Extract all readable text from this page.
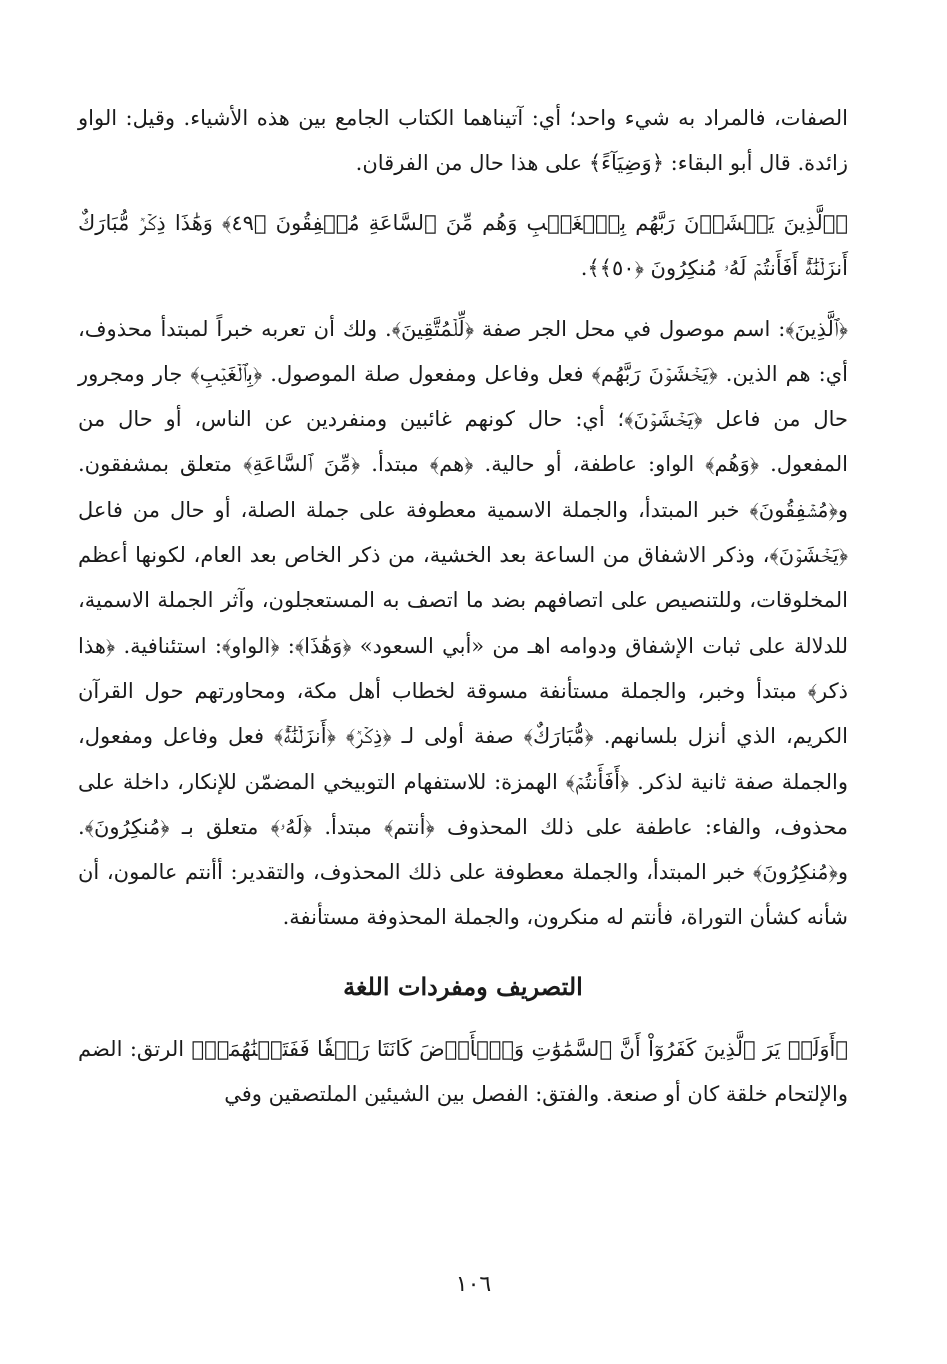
الصفات، فالمراد به شيء واحد؛ أي: آتيناهما الكتاب الجامع بين هذه الأشياء. وقيل: الواو زائدة. قال أبو البقاء: ﴿وَضِيَآءً﴾ على هذا حال من الفرقان.

﴿ٱلَّذِينَ يَخۡشَوۡنَ رَبَّهُم بِٱلۡغَيۡبِ وَهُم مِّنَ ٱلسَّاعَةِ مُشۡفِقُونَ ﴿٤٩﴾ وَهَٰذَا ذِكۡرٞ مُّبَارَكٌ أَنزَلۡنَٰهُۚ أَفَأَنتُمۡ لَهُۥ مُنكِرُونَ ﴿٥٠﴾﴾.

﴿ٱلَّذِينَ﴾: اسم موصول في محل الجر صفة ﴿لِّلۡمُتَّقِينَ﴾. ولك أن تعربه خبراً لمبتدأ محذوف، أي: هم الذين. ﴿يَخۡشَوۡنَ رَبَّهُم﴾ فعل وفاعل ومفعول صلة الموصول. ﴿بِٱلۡغَيۡبِ﴾ جار ومجرور حال من فاعل ﴿يَخۡشَوۡنَ﴾؛ أي: حال كونهم غائبين ومنفردين عن الناس، أو حال من المفعول. ﴿وَهُم﴾ الواو: عاطفة، أو حالية. ﴿هم﴾ مبتدأ. ﴿مِّنَ ٱلسَّاعَةِ﴾ متعلق بمشفقون. و﴿مُشۡفِقُونَ﴾ خبر المبتدأ، والجملة الاسمية معطوفة على جملة الصلة، أو حال من فاعل ﴿يَخۡشَوۡنَ﴾، وذكر الاشفاق من الساعة بعد الخشية، من ذكر الخاص بعد العام، لكونها أعظم المخلوقات، وللتنصيص على اتصافهم بضد ما اتصف به المستعجلون، وآثر الجملة الاسمية، للدلالة على ثبات الإشفاق ودوامه اهـ من «أبي السعود» ﴿وَهَٰذَا﴾: ﴿الواو﴾: استئنافية. ﴿هذا ذكر﴾ مبتدأ وخبر، والجملة مستأنفة مسوقة لخطاب أهل مكة، ومحاورتهم حول القرآن الكريم، الذي أنزل بلسانهم. ﴿مُّبَارَكٌ﴾ صفة أولى لـ ﴿ذِكۡرٞ﴾ ﴿أَنزَلۡنَٰهُۚ﴾ فعل وفاعل ومفعول، والجملة صفة ثانية لذكر. ﴿أَفَأَنتُمۡ﴾ الهمزة: للاستفهام التوبيخي المضمّن للإنكار، داخلة على محذوف، والفاء: عاطفة على ذلك المحذوف ﴿أنتم﴾ مبتدأ. ﴿لَهُۥ﴾ متعلق بـ ﴿مُنكِرُونَ﴾. و﴿مُنكِرُونَ﴾ خبر المبتدأ، والجملة معطوفة على ذلك المحذوف، والتقدير: أأنتم عالمون، أن شأنه كشأن التوراة، فأنتم له منكرون، والجملة المحذوفة مستأنفة.

التصريف ومفردات اللغة

﴿أَوَلَمۡ يَرَ ٱلَّذِينَ كَفَرُوٓاْ أَنَّ ٱلسَّمَٰوَٰتِ وَٱلۡأَرۡضَ كَانَتَا رَتۡقٗا فَفَتَقۡنَٰهُمَاۖ﴾ الرتق: الضم والإلتحام خلقة كان أو صنعة. والفتق: الفصل بين الشيئين الملتصقين وفي

١٠٦
